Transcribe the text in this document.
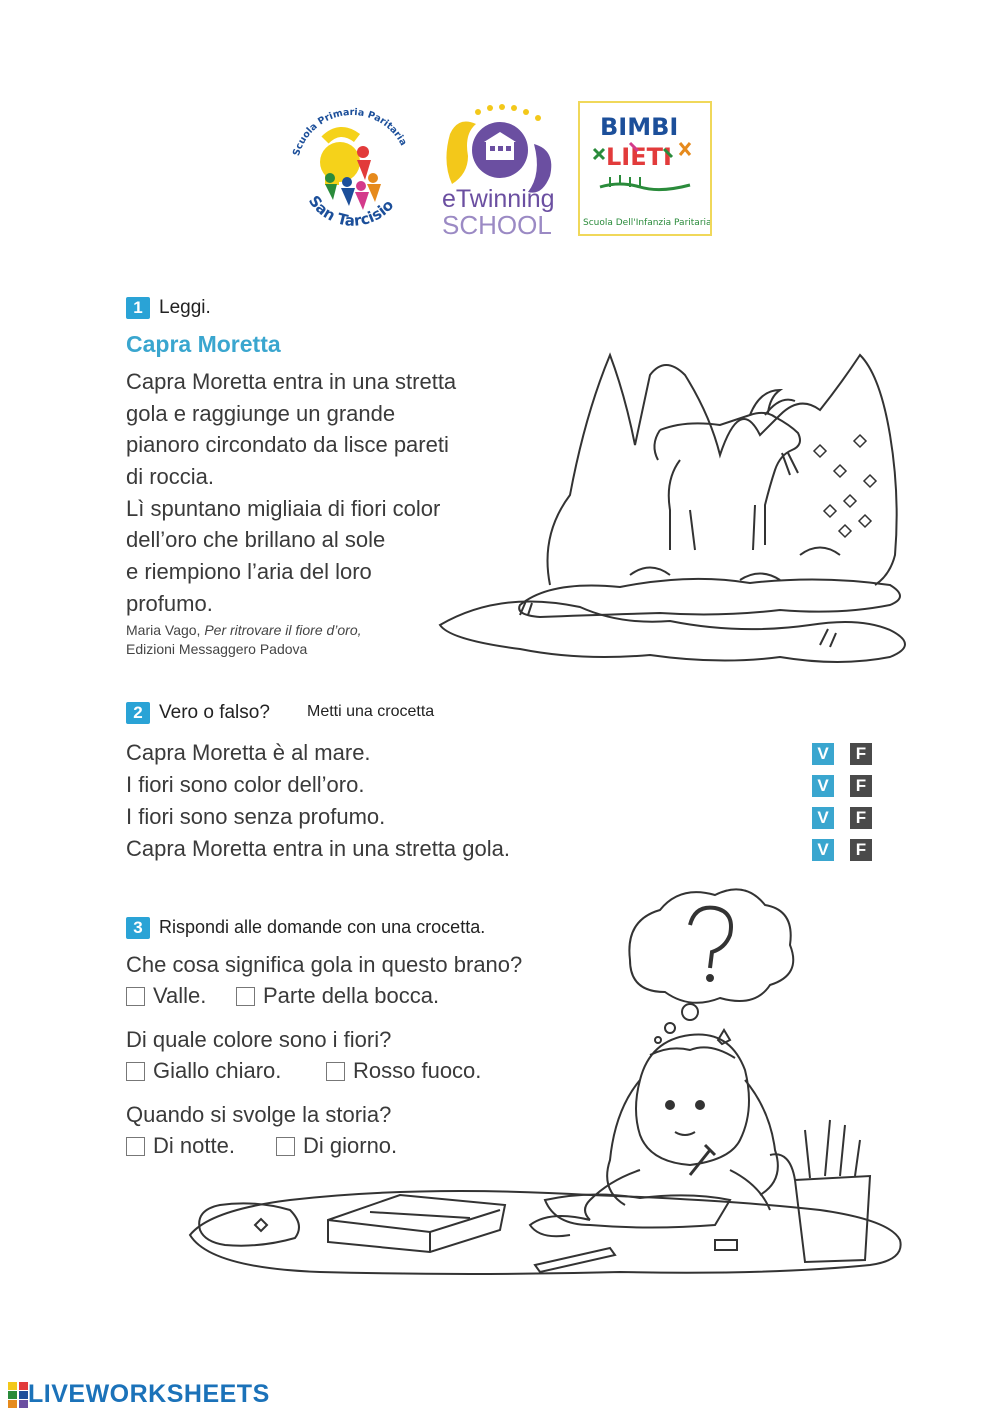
Scuola Primaria Paritaria
San Tarcisio eTwinning
SCHOOL
BIMBI
LIETI
Scuola Dell'Infanzia Paritaria
1 Leggi.
Capra Moretta
Capra Moretta entra in una stretta
gola e raggiunge un grande
pianoro circondato da lisce pareti
di roccia.
Lì spuntano migliaia di fiori color
dell’oro che brillano al sole
e riempiono l’aria del loro
profumo.
Maria Vago, Per ritrovare il fiore d’oro,
Edizioni Messaggero Padova
2 Vero o falso? Metti una crocetta
Capra Moretta è al mare.	V	F
I fiori sono color dell’oro.	V	F
I fiori sono senza profumo.	V	F
Capra Moretta entra in una stretta gola.	V	F
3 Rispondi alle domande con una crocetta.
Che cosa significa gola in questo brano?
Valle.	Parte della bocca.
Di quale colore sono i fiori?
Giallo chiaro.	Rosso fuoco.
Quando si svolge la storia?
Di notte.	Di giorno.
LIVEWORKSHEETS
